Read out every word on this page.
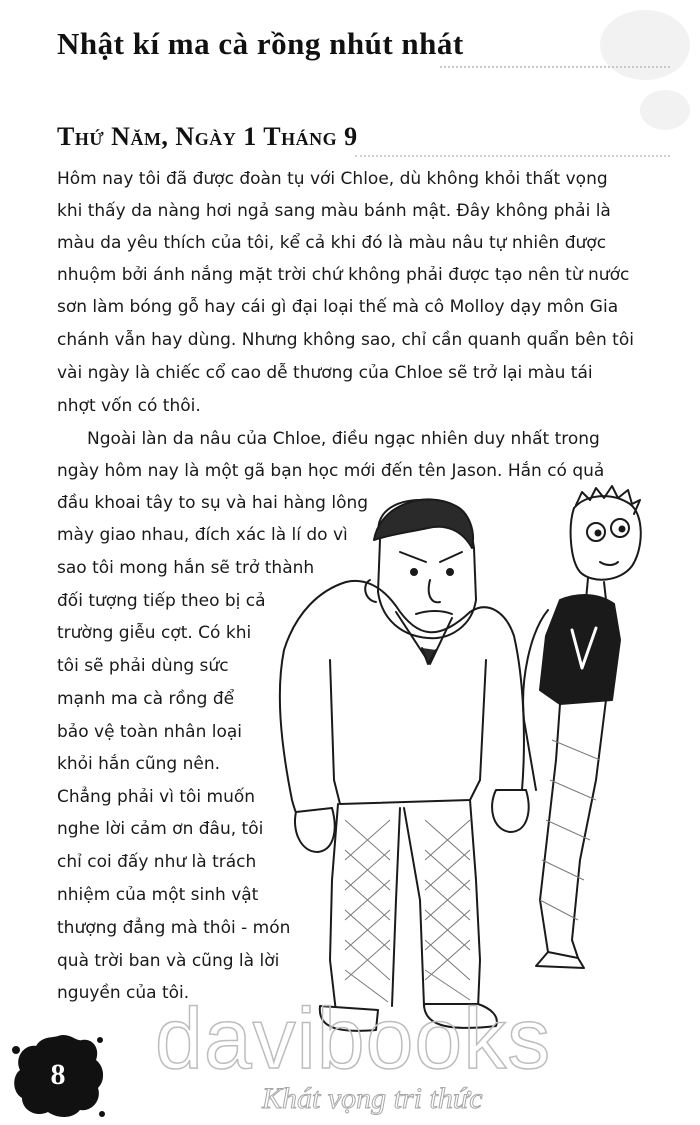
Nhật kí ma cà rồng nhút nhát
Thứ Năm, Ngày 1 Tháng 9
Hôm nay tôi đã được đoàn tụ với Chloe, dù không khỏi thất vọng
khi thấy da nàng hơi ngả sang màu bánh mật. Đây không phải là
màu da yêu thích của tôi, kể cả khi đó là màu nâu tự nhiên được
nhuộm bởi ánh nắng mặt trời chứ không phải được tạo nên từ nước
sơn làm bóng gỗ hay cái gì đại loại thế mà cô Molloy dạy môn Gia
chánh vẫn hay dùng. Nhưng không sao, chỉ cần quanh quẩn bên tôi
vài ngày là chiếc cổ cao dễ thương của Chloe sẽ trở lại màu tái
nhợt vốn có thôi.
Ngoài làn da nâu của Chloe, điều ngạc nhiên duy nhất trong
ngày hôm nay là một gã bạn học mới đến tên Jason. Hắn có quả
đầu khoai tây to sụ và hai hàng lông
mày giao nhau, đích xác là lí do vì
sao tôi mong hắn sẽ trở thành
đối tượng tiếp theo bị cả
trường giễu cợt. Có khi
tôi sẽ phải dùng sức
mạnh ma cà rồng để
bảo vệ toàn nhân loại
khỏi hắn cũng nên.
Chẳng phải vì tôi muốn
nghe lời cảm ơn đâu, tôi
chỉ coi đấy như là trách
nhiệm của một sinh vật
thượng đẳng mà thôi - món
quà trời ban và cũng là lời
nguyền của tôi.
davibooks
Khát vọng tri thức
8
